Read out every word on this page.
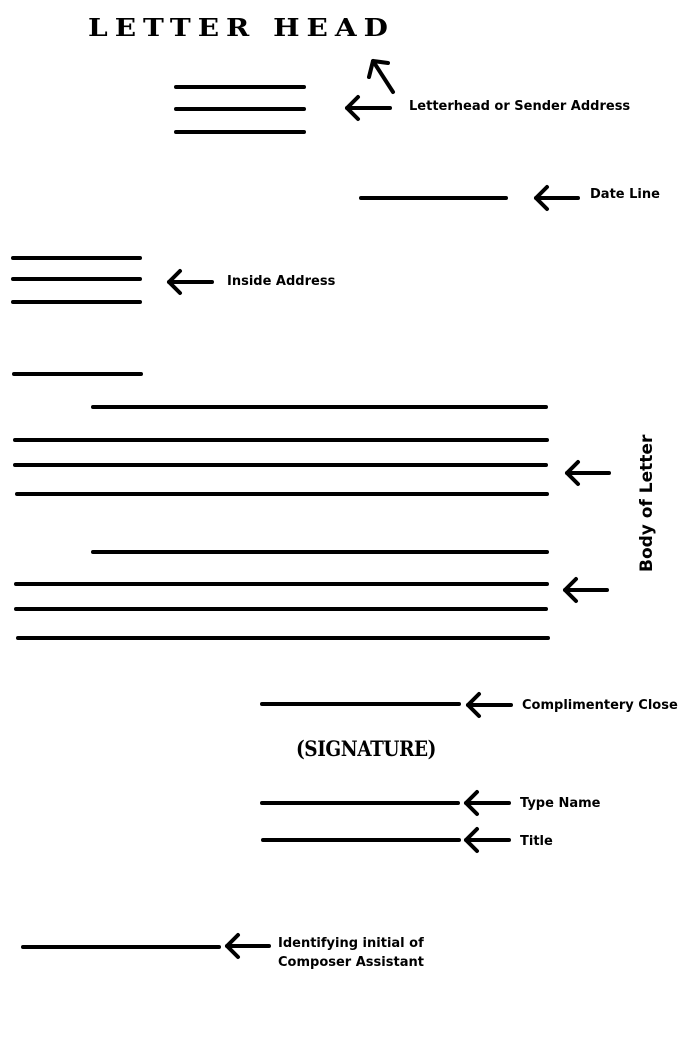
LETTER HEAD
Letterhead or Sender Address
Date Line
Inside Address
Body of Letter
Complimentery Close
(SIGNATURE)
Type Name
Title
Identifying initial of
Composer Assistant
